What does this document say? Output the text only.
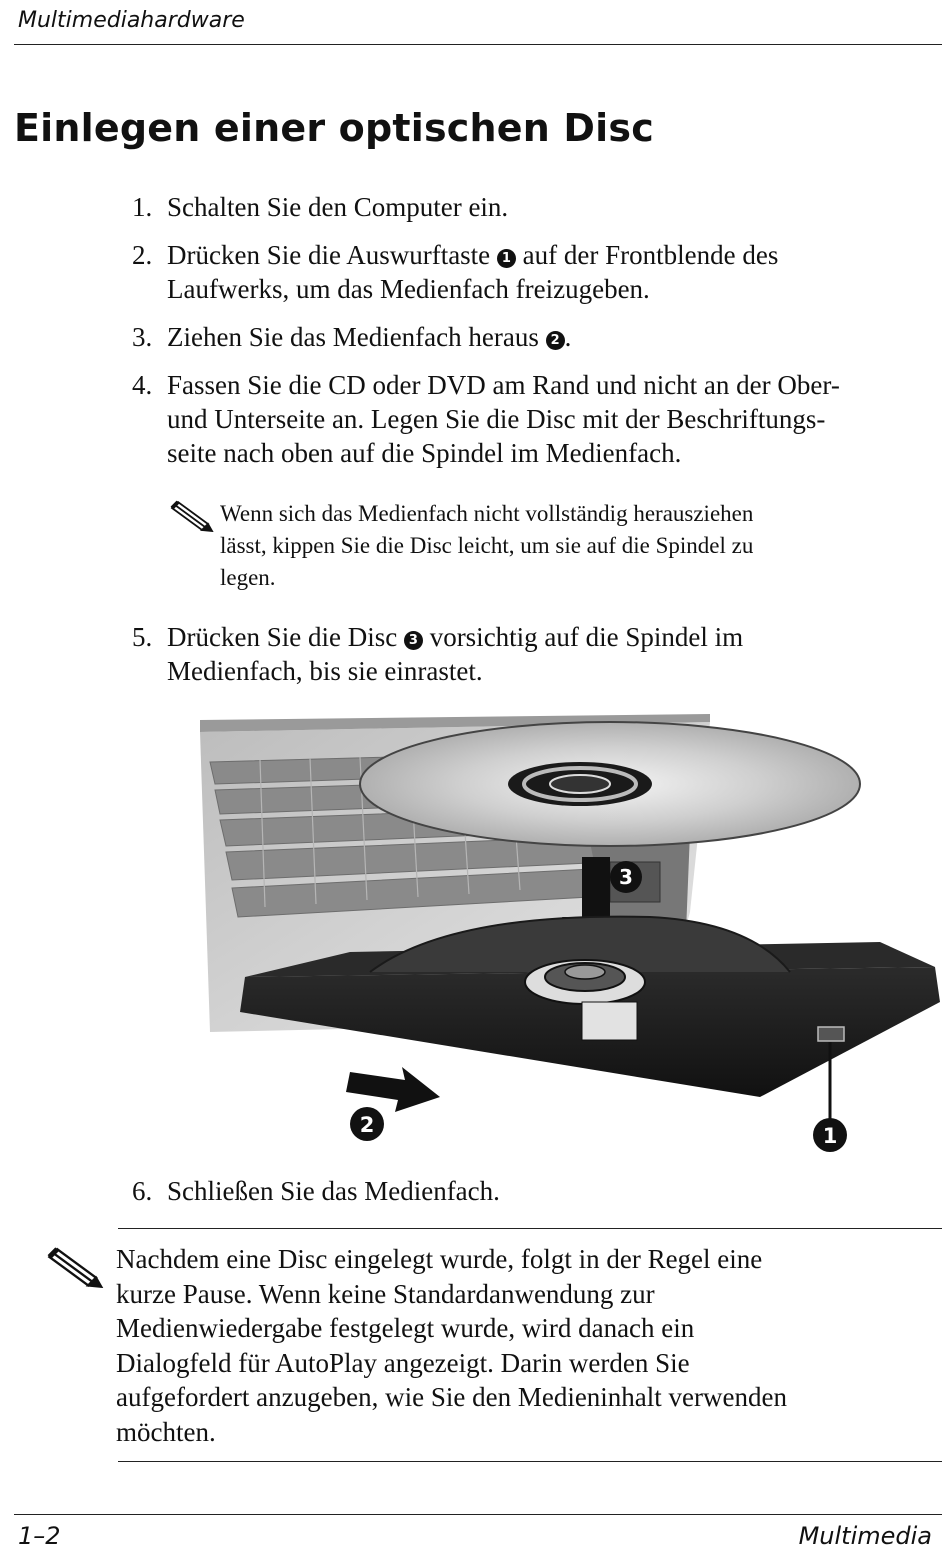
Multimediahardware
Einlegen einer optischen Disc
1. Schalten Sie den Computer ein.
2. Drücken Sie die Auswurftaste 1 auf der Frontblende des
Laufwerks, um das Medienfach freizugeben.
3. Ziehen Sie das Medienfach heraus 2 .
4. Fassen Sie die CD oder DVD am Rand und nicht an der Ober-
und Unterseite an. Legen Sie die Disc mit der Beschriftungs-
seite nach oben auf die Spindel im Medienfach.
Wenn sich das Medienfach nicht vollständig herausziehen
lässt, kippen Sie die Disc leicht, um sie auf die Spindel zu
legen.
5. Drücken Sie die Disc 3 vorsichtig auf die Spindel im
Medienfach, bis sie einrastet.
3
1
2
6. Schließen Sie das Medienfach.
Nachdem eine Disc eingelegt wurde, folgt in der Regel eine
kurze Pause. Wenn keine Standardanwendung zur
Medienwiedergabe festgelegt wurde, wird danach ein
Dialogfeld für AutoPlay angezeigt. Darin werden Sie
aufgefordert anzugeben, wie Sie den Medieninhalt verwenden
möchten.
1–2	Multimedia
